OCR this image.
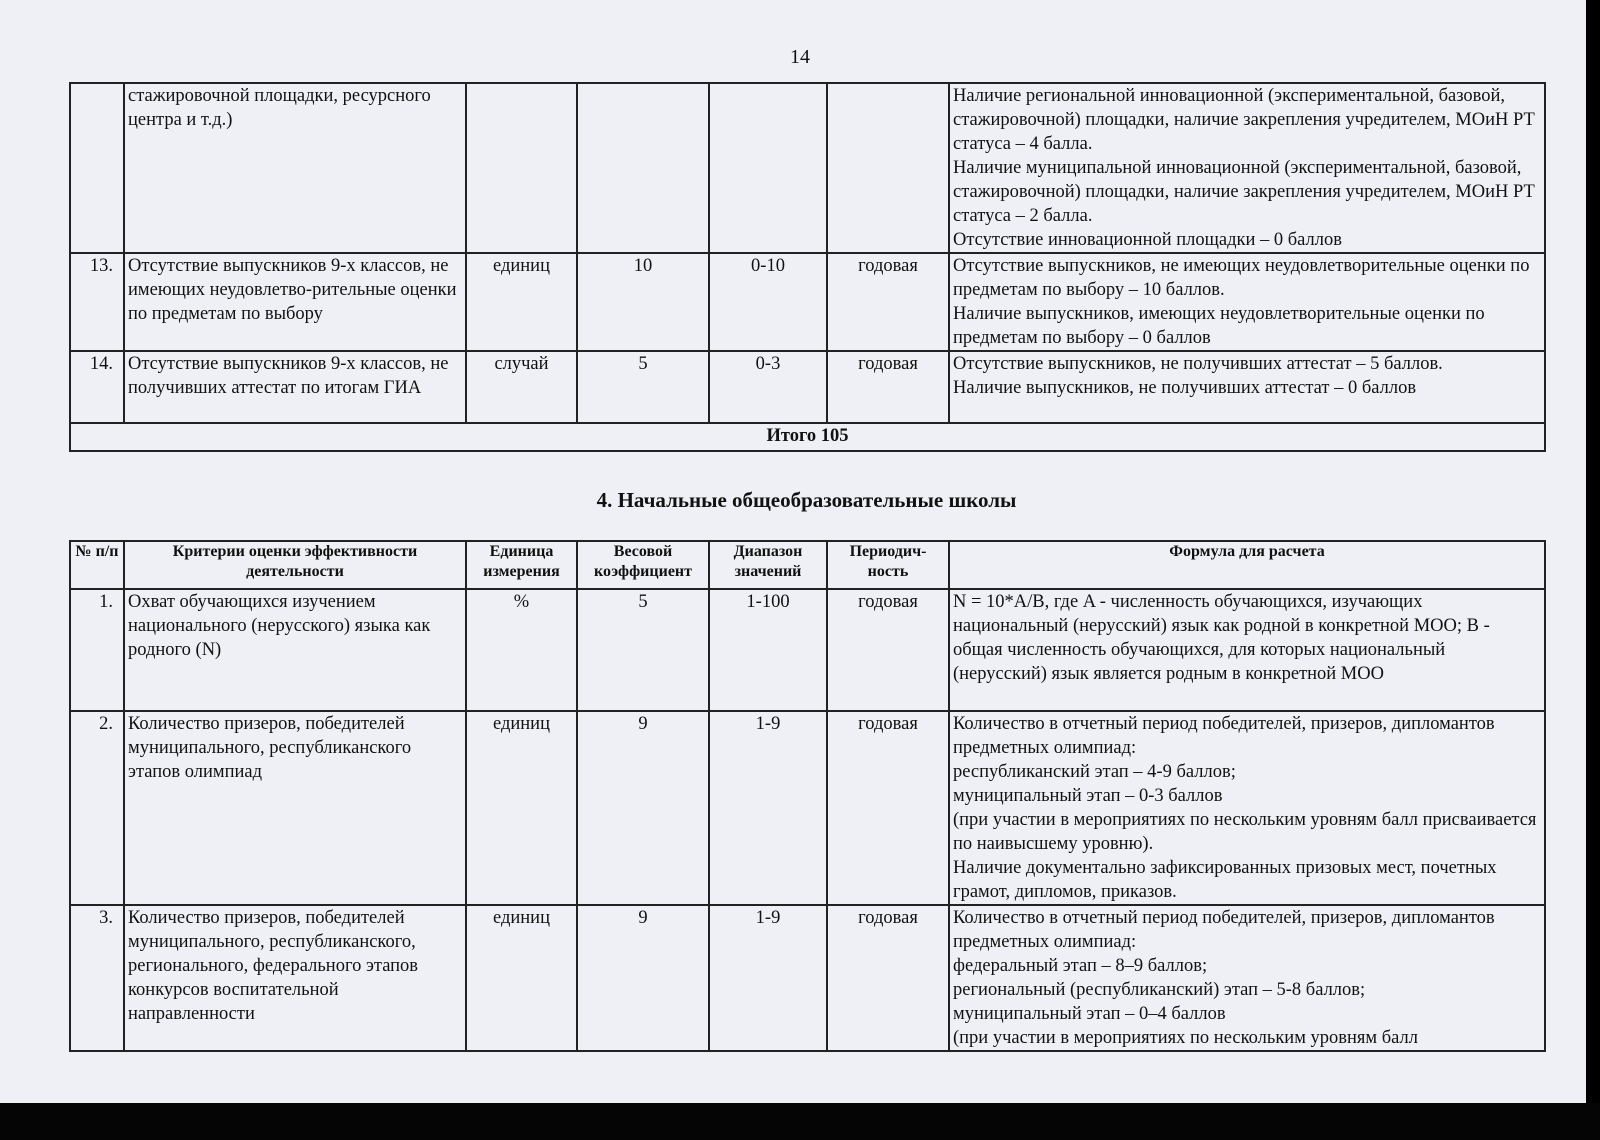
14
	стажировочной площадки, ресурсного центра и т.д.)					Наличие региональной инновационной (экспериментальной, базовой, стажировочной) площадки, наличие закрепления учредителем, МОиН РТ статуса – 4 балла.

Наличие муниципальной инновационной (экспериментальной, базовой, стажировочной) площадки, наличие закрепления учредителем, МОиН РТ статуса – 2 балла.

Отсутствие инновационной площадки – 0 баллов

13.	Отсутствие выпускников 9-х классов, не имеющих неудовлетво-рительные оценки по предметам по выбору	единиц	10	0-10	годовая	Отсутствие выпускников, не имеющих неудовлетворительные оценки по предметам по выбору – 10 баллов.

Наличие выпускников, имеющих неудовлетворительные оценки по предметам по выбору – 0 баллов

14.	Отсутствие выпускников 9-х классов, не получивших аттестат по итогам ГИА	случай	5	0-3	годовая	Отсутствие выпускников, не получивших аттестат – 5 баллов.

Наличие выпускников, не получивших аттестат – 0 баллов

Итого 105						
4. Начальные общеобразовательные школы
№ п/п	Критерии оценки эффективности деятельности	Единица измерения	Весовой коэффициент	Диапазон значений	Периодич-ность	Формула для расчета
1.	Охват обучающихся изучением национального (нерусского) языка как родного (N)	%	5	1-100	годовая	N = 10*A/B, где A - численность обучающихся, изучающих национальный (нерусский) язык как родной в конкретной МОО; B - общая численность обучающихся, для которых национальный (нерусский) язык является родным в конкретной МОО

2.	Количество призеров, победителей муниципального, республиканского этапов олимпиад	единиц	9	1-9	годовая	Количество в отчетный период победителей, призеров, дипломантов предметных олимпиад:

республиканский этап – 4-9 баллов;

муниципальный этап – 0-3 баллов

(при участии в мероприятиях по нескольким уровням балл присваивается по наивысшему уровню).

Наличие документально зафиксированных призовых мест, почетных грамот, дипломов, приказов.

3.	Количество призеров, победителей муниципального, республиканского, регионального, федерального этапов конкурсов воспитательной направленности	единиц	9	1-9	годовая	Количество в отчетный период победителей, призеров, дипломантов предметных олимпиад:

федеральный этап – 8–9 баллов;

региональный (республиканский) этап – 5-8 баллов;

муниципальный этап – 0–4 баллов

(при участии в мероприятиях по нескольким уровням балл
